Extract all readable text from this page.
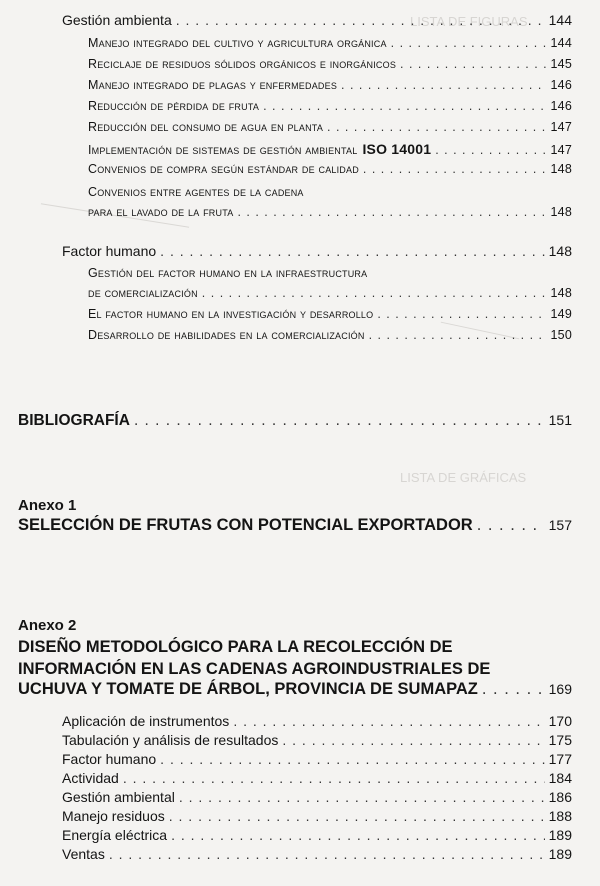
LISTA DE FIGURAS
LISTA DE GRÁFICAS
Gestión ambienta . . .	144
Manejo integrado del cultivo y agricultura orgánica . . .	144
Reciclaje de residuos sólidos orgánicos e inorgánicos . . .	145
Manejo integrado de plagas y enfermedades . . .	146
Reducción de pérdida de fruta . . .	146
Reducción del consumo de agua en planta . . .	147
Implementación de sistemas de gestión ambiental ISO 14001 . . .	147
Convenios de compra según estándar de calidad . . .	148
Convenios entre agentes de la cadena
para el lavado de la fruta . . .	148
Factor humano . . .	148
Gestión del factor humano en la infraestructura
de comercialización . . .	148
El factor humano en la investigación y desarrollo . . .	149
Desarrollo de habilidades en la comercialización . . .	150
BIBLIOGRAFÍA . . .	151
Anexo 1
SELECCIÓN DE FRUTAS CON POTENCIAL EXPORTADOR . . .	157
Anexo 2
DISEÑO METODOLÓGICO PARA LA RECOLECCIÓN DE
INFORMACIÓN EN LAS CADENAS AGROINDUSTRIALES DE
UCHUVA Y TOMATE DE ÁRBOL, PROVINCIA DE SUMAPAZ . . .	169
Aplicación de instrumentos . . .	170
Tabulación y análisis de resultados . . .	175
Factor humano . . .	177
Actividad . . .	184
Gestión ambiental . . .	186
Manejo residuos . . .	188
Energía eléctrica . . .	189
Ventas . . .	189
